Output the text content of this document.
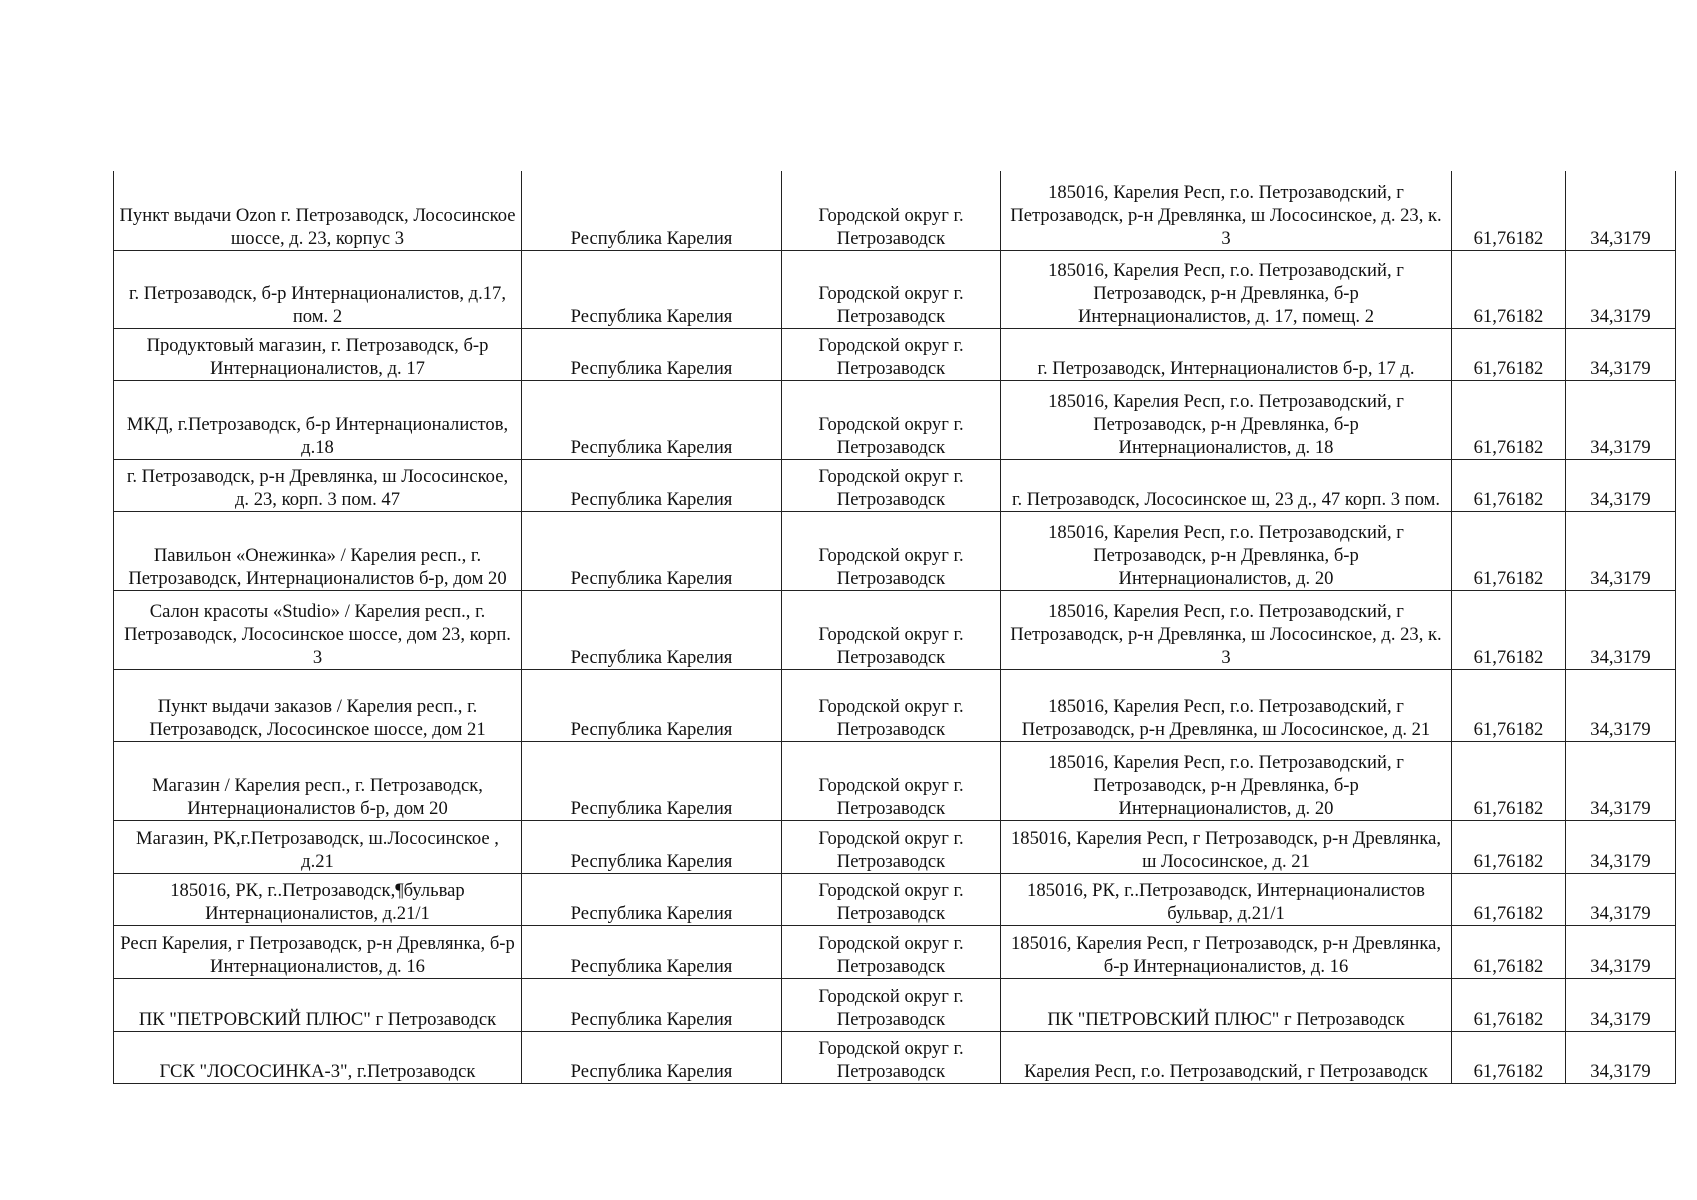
Пункт выдачи Ozon г. Петрозаводск, Лососинское шоссе, д. 23, корпус 3	Республика Карелия	Городской округ г. Петрозаводск	185016, Карелия Респ, г.о. Петрозаводский, г Петрозаводск, р-н Древлянка, ш Лососинское, д. 23, к. 3	61,76182	34,3179
г. Петрозаводск, б-р Интернационалистов, д.17, пом. 2	Республика Карелия	Городской округ г. Петрозаводск	185016, Карелия Респ, г.о. Петрозаводский, г Петрозаводск, р-н Древлянка, б-р Интернационалистов, д. 17, помещ. 2	61,76182	34,3179
Продуктовый магазин, г. Петрозаводск, б-р Интернационалистов, д. 17	Республика Карелия	Городской округ г. Петрозаводск	г. Петрозаводск, Интернационалистов б-р, 17 д.	61,76182	34,3179
МКД, г.Петрозаводск, б-р Интернационалистов, д.18	Республика Карелия	Городской округ г. Петрозаводск	185016, Карелия Респ, г.о. Петрозаводский, г Петрозаводск, р-н Древлянка, б-р Интернационалистов, д. 18	61,76182	34,3179
г. Петрозаводск, р-н Древлянка, ш Лососинское, д. 23, корп. 3 пом. 47	Республика Карелия	Городской округ г. Петрозаводск	г. Петрозаводск, Лососинское ш, 23 д., 47 корп. 3 пом.	61,76182	34,3179
Павильон «Онежинка» / Карелия респ., г. Петрозаводск, Интернационалистов б-р, дом 20	Республика Карелия	Городской округ г. Петрозаводск	185016, Карелия Респ, г.о. Петрозаводский, г Петрозаводск, р-н Древлянка, б-р Интернационалистов, д. 20	61,76182	34,3179
Салон красоты «Studio» / Карелия респ., г. Петрозаводск, Лососинское шоссе, дом 23, корп. 3	Республика Карелия	Городской округ г. Петрозаводск	185016, Карелия Респ, г.о. Петрозаводский, г Петрозаводск, р-н Древлянка, ш Лососинское, д. 23, к. 3	61,76182	34,3179
Пункт выдачи заказов / Карелия респ., г. Петрозаводск, Лососинское шоссе, дом 21	Республика Карелия	Городской округ г. Петрозаводск	185016, Карелия Респ, г.о. Петрозаводский, г Петрозаводск, р-н Древлянка, ш Лососинское, д. 21	61,76182	34,3179
Магазин / Карелия респ., г. Петрозаводск, Интернационалистов б-р, дом 20	Республика Карелия	Городской округ г. Петрозаводск	185016, Карелия Респ, г.о. Петрозаводский, г Петрозаводск, р-н Древлянка, б-р Интернационалистов, д. 20	61,76182	34,3179
Магазин, РК,г.Петрозаводск, ш.Лососинское , д.21	Республика Карелия	Городской округ г. Петрозаводск	185016, Карелия Респ, г Петрозаводск, р-н Древлянка, ш Лососинское, д. 21	61,76182	34,3179
185016, РК, г..Петрозаводск,¶бульвар Интернационалистов, д.21/1	Республика Карелия	Городской округ г. Петрозаводск	185016, РК, г..Петрозаводск, Интернационалистов бульвар, д.21/1	61,76182	34,3179
Респ Карелия, г Петрозаводск, р-н Древлянка, б-р Интернационалистов, д. 16	Республика Карелия	Городской округ г. Петрозаводск	185016, Карелия Респ, г Петрозаводск, р-н Древлянка, б-р Интернационалистов, д. 16	61,76182	34,3179
ПК "ПЕТРОВСКИЙ ПЛЮС" г Петрозаводск	Республика Карелия	Городской округ г. Петрозаводск	ПК "ПЕТРОВСКИЙ ПЛЮС" г Петрозаводск	61,76182	34,3179
ГСК "ЛОСОСИНКА-3", г.Петрозаводск	Республика Карелия	Городской округ г. Петрозаводск	Карелия Респ, г.о. Петрозаводский, г Петрозаводск	61,76182	34,3179
